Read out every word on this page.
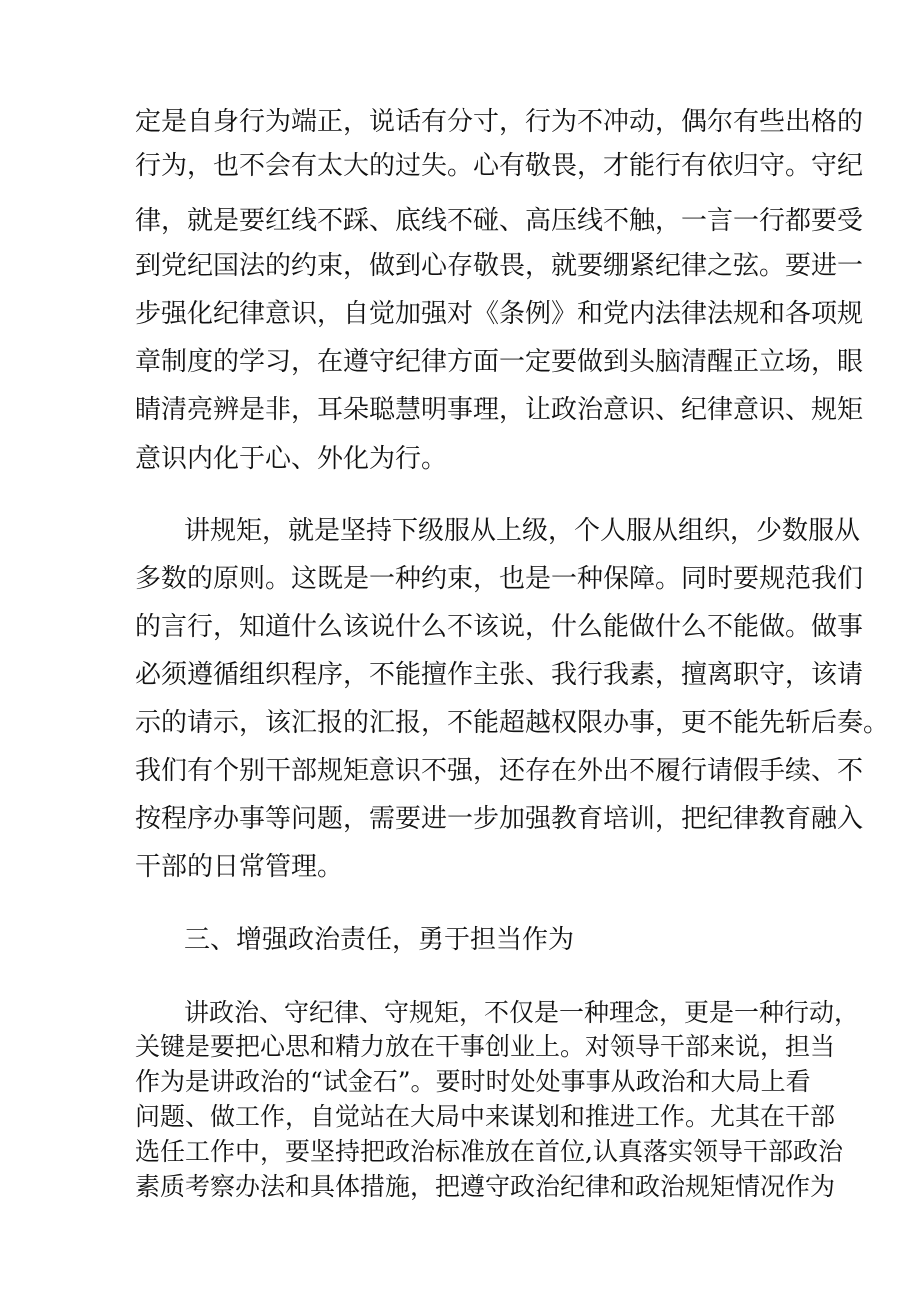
定是自身行为端正，说话有分寸，行为不冲动，偶尔有些出格的
行为，也不会有太大的过失。心有敬畏，才能行有依归守。守纪
律，就是要红线不踩、底线不碰、高压线不触，一言一行都要受
到党纪国法的约束，做到心存敬畏，就要绷紧纪律之弦。要进一
步强化纪律意识，自觉加强对《条例》和党内法律法规和各项规
章制度的学习，在遵守纪律方面一定要做到头脑清醒正立场，眼
睛清亮辨是非，耳朵聪慧明事理，让政治意识、纪律意识、规矩
意识内化于心、外化为行。
讲规矩，就是坚持下级服从上级，个人服从组织，少数服从
多数的原则。这既是一种约束，也是一种保障。同时要规范我们
的言行，知道什么该说什么不该说，什么能做什么不能做。做事
必须遵循组织程序，不能擅作主张、我行我素，擅离职守，该请
示的请示，该汇报的汇报，不能超越权限办事，更不能先斩后奏。
我们有个别干部规矩意识不强，还存在外出不履行请假手续、不
按程序办事等问题，需要进一步加强教育培训，把纪律教育融入
干部的日常管理。
三、增强政治责任，勇于担当作为
讲政治、守纪律、守规矩，不仅是一种理念，更是一种行动，
关键是要把心思和精力放在干事创业上。对领导干部来说，担当
作为是讲政治的“试金石”。要时时处处事事从政治和大局上看
问题、做工作，自觉站在大局中来谋划和推进工作。尤其在干部
选任工作中，要坚持把政治标准放在首位,认真落实领导干部政治
素质考察办法和具体措施，把遵守政治纪律和政治规矩情况作为
